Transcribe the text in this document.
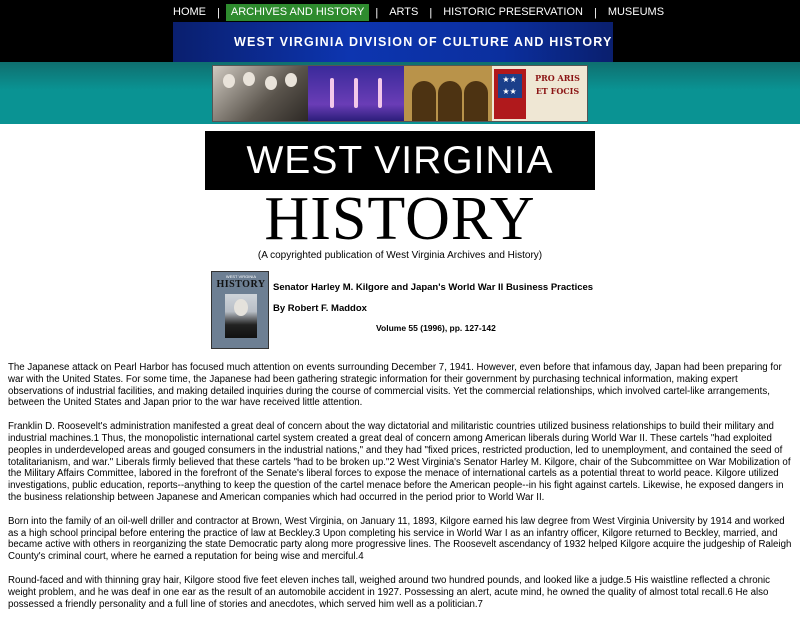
HOME	|	ARCHIVES AND HISTORY	|	ARTS	|	HISTORIC PRESERVATION	|	MUSEUMS
WEST VIRGINIA DIVISION OF CULTURE AND HISTORY
★★
★★
PRO ARIS ET FOCIS
WEST VIRGINIA
HISTORY
(A copyrighted publication of West Virginia Archives and History)
WEST VIRGINIA
HISTORY Senator Harley M. Kilgore and Japan's World War II Business Practices
By Robert F. Maddox
Volume 55 (1996), pp. 127-142

The Japanese attack on Pearl Harbor has focused much attention on events surrounding December 7, 1941. However, even before that infamous day, Japan had been preparing for war with the United States. For some time, the Japanese had been gathering strategic information for their government by purchasing technical information, making expert observations of industrial facilities, and making detailed inquiries during the course of commercial visits. Yet the commercial relationships, which involved cartel-like arrangements, between the United States and Japan prior to the war have received little attention.

Franklin D. Roosevelt's administration manifested a great deal of concern about the way dictatorial and militaristic countries utilized business relationships to build their military and industrial machines.1 Thus, the monopolistic international cartel system created a great deal of concern among American liberals during World War II. These cartels "had exploited peoples in underdeveloped areas and gouged consumers in the industrial nations," and they had "fixed prices, restricted production, led to unemployment, and contained the seed of totalitarianism, and war." Liberals firmly believed that these cartels "had to be broken up."2 West Virginia's Senator Harley M. Kilgore, chair of the Subcommittee on War Mobilization of the Military Affairs Committee, labored in the forefront of the Senate's liberal forces to expose the menace of international cartels as a potential threat to world peace. Kilgore utilized investigations, public education, reports--anything to keep the question of the cartel menace before the American people--in his fight against cartels. Likewise, he exposed dangers in the business relationship between Japanese and American companies which had occurred in the period prior to World War II.

Born into the family of an oil-well driller and contractor at Brown, West Virginia, on January 11, 1893, Kilgore earned his law degree from West Virginia University by 1914 and worked as a high school principal before entering the practice of law at Beckley.3 Upon completing his service in World War I as an infantry officer, Kilgore returned to Beckley, married, and became active with others in reorganizing the state Democratic party along more progressive lines. The Roosevelt ascendancy of 1932 helped Kilgore acquire the judgeship of Raleigh County's criminal court, where he earned a reputation for being wise and merciful.4

Round-faced and with thinning gray hair, Kilgore stood five feet eleven inches tall, weighed around two hundred pounds, and looked like a judge.5 His waistline reflected a chronic weight problem, and he was deaf in one ear as the result of an automobile accident in 1927. Possessing an alert, acute mind, he owned the quality of almost total recall.6 He also possessed a friendly personality and a full line of stories and anecdotes, which served him well as a politician.7
